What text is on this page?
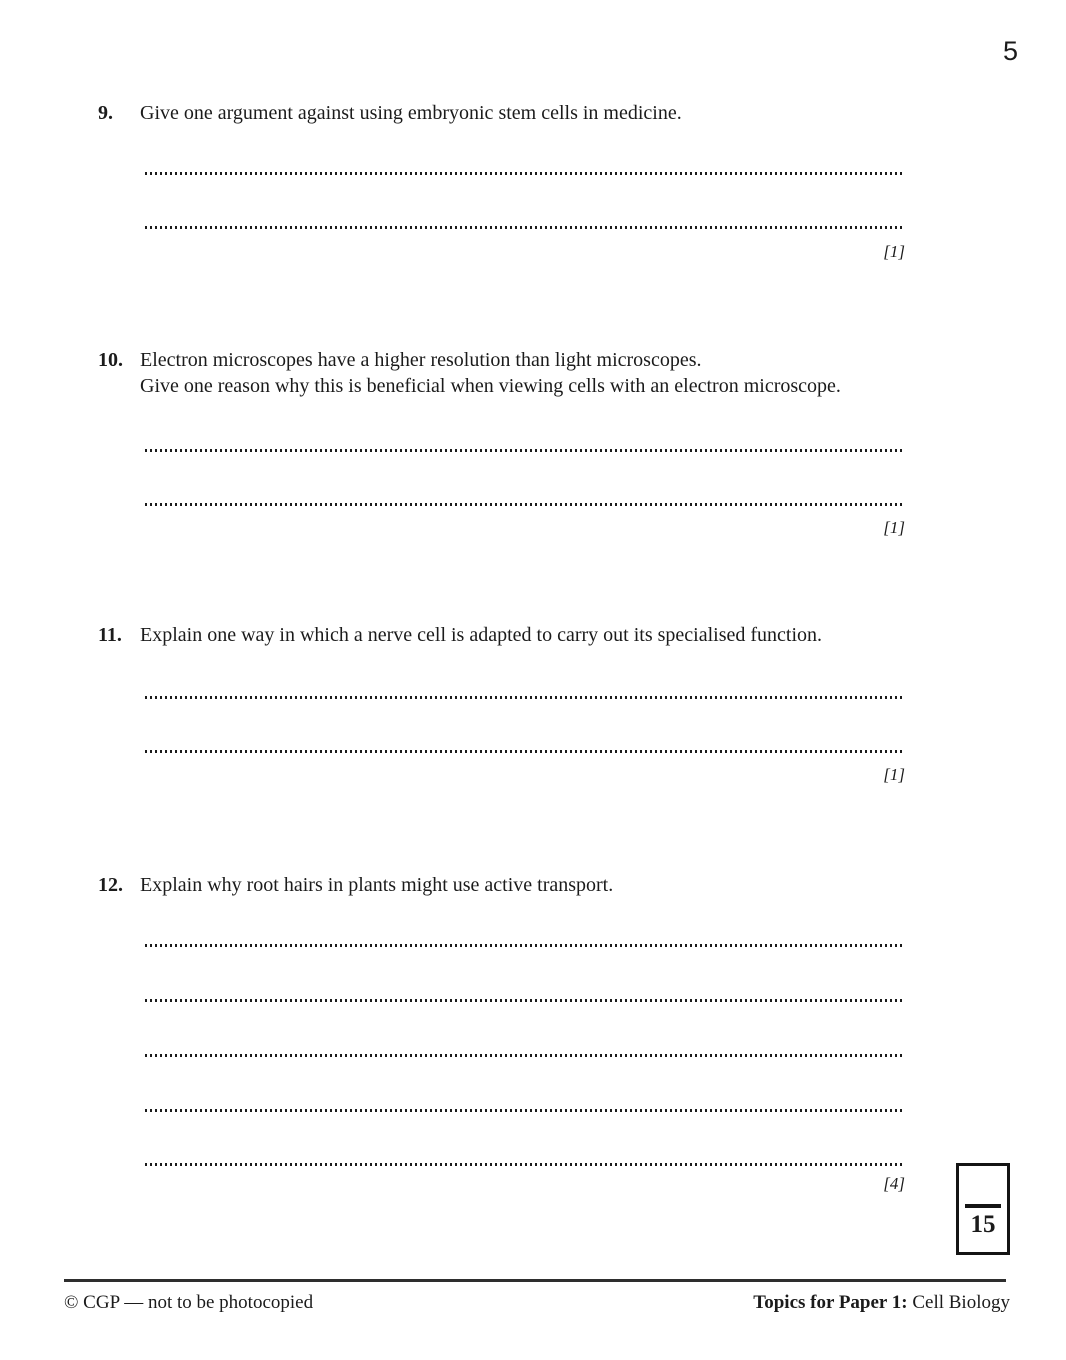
5
9. Give one argument against using embryonic stem cells in medicine.
[1]
10. Electron microscopes have a higher resolution than light microscopes.
Give one reason why this is beneficial when viewing cells with an electron microscope.
[1]
11. Explain one way in which a nerve cell is adapted to carry out its specialised function.
[1]
12. Explain why root hairs in plants might use active transport.
[4]
15
© CGP — not to be photocopied	Topics for Paper 1: Cell Biology
